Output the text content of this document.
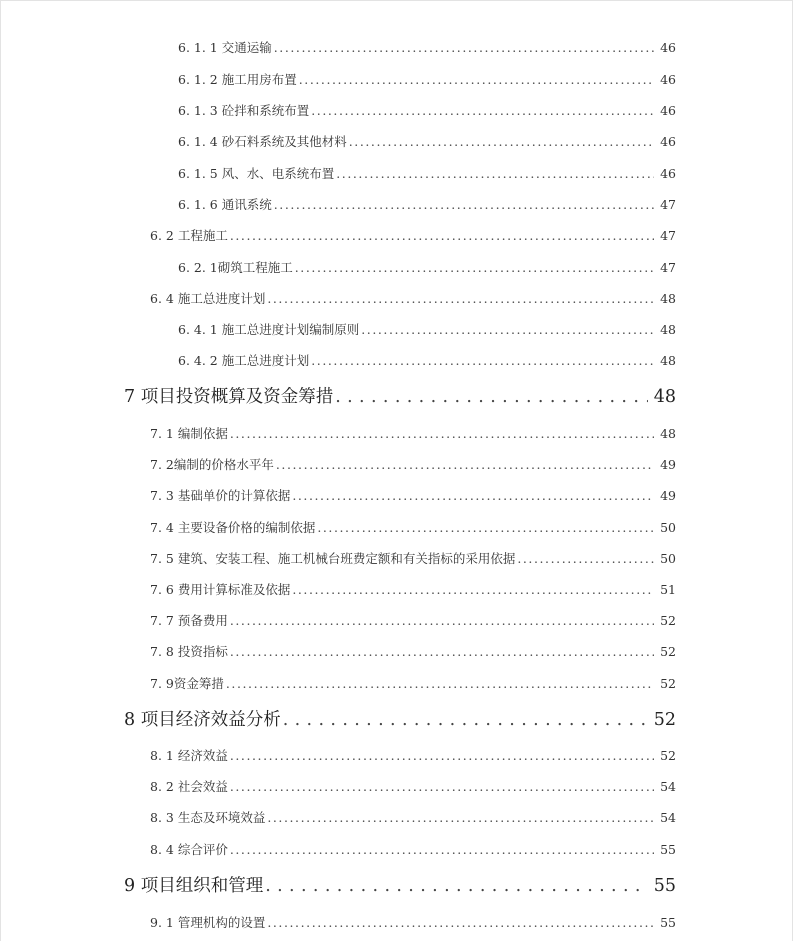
6. 1. 1 交通运输 . . .	46
6. 1. 2 施工用房布置 . . .	46
6. 1. 3 砼拌和系统布置 . . .	46
6. 1. 4 砂石料系统及其他材料 . . .	46
6. 1. 5 风、水、电系统布置 . . .	46
6. 1. 6 通讯系统 . . .	47
6. 2 工程施工 . . .	47
6. 2. 1砌筑工程施工 . . .	47
6. 4 施工总进度计划 . . .	48
6. 4. 1 施工总进度计划编制原则 . . .	48
6. 4. 2 施工总进度计划 . . .	48
7 项目投资概算及资金筹措 . . .	48
7. 1 编制依据 . . .	48
7. 2编制的价格水平年 . . .	49
7. 3 基础单价的计算依据 . . .	49
7. 4 主要设备价格的编制依据 . . .	50
7. 5 建筑、安装工程、施工机械台班费定额和有关指标的采用依据 . . .	50
7. 6 费用计算标准及依据 . . .	51
7. 7 预备费用 . . .	52
7. 8 投资指标 . . .	52
7. 9资金筹措 . . .	52
8 项目经济效益分析 . . .	52
8. 1 经济效益 . . .	52
8. 2 社会效益 . . .	54
8. 3 生态及环境效益 . . .	54
8. 4 综合评价 . . .	55
9 项目组织和管理 . . .	55
9. 1 管理机构的设置 . . .	55
